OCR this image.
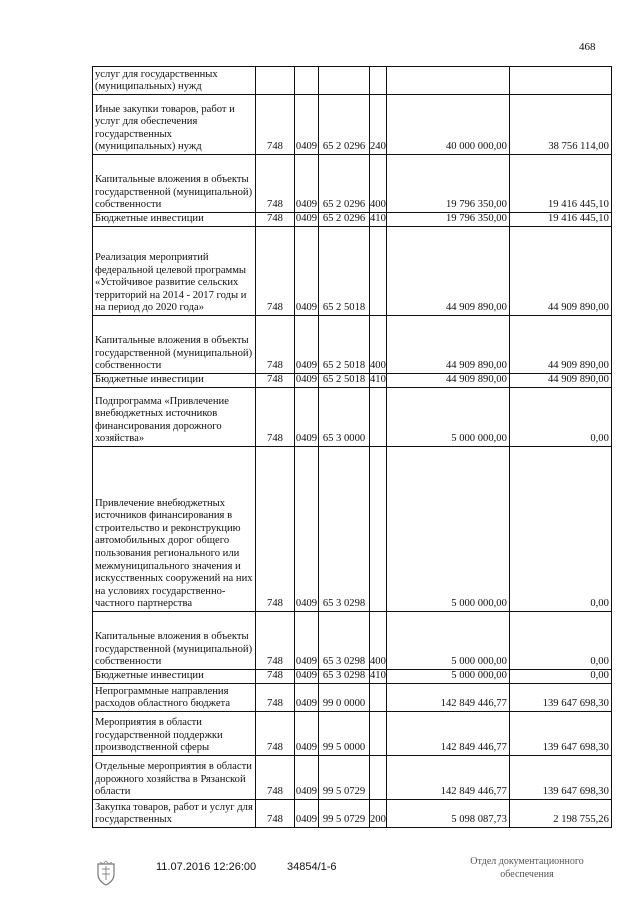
468
услуг для государственных (муниципальных) нужд						
Иные закупки товаров, работ и услуг для обеспечения государственных (муниципальных) нужд	748	0409	65 2 0296	240	40 000 000,00	38 756 114,00
Капитальные вложения в объекты государственной (муниципальной) собственности	748	0409	65 2 0296	400	19 796 350,00	19 416 445,10
Бюджетные инвестиции	748	0409	65 2 0296	410	19 796 350,00	19 416 445,10
Реализация мероприятий федеральной целевой программы «Устойчивое развитие сельских территорий на 2014 - 2017 годы и на период до 2020 года»	748	0409	65 2 5018		44 909 890,00	44 909 890,00
Капитальные вложения в объекты государственной (муниципальной) собственности	748	0409	65 2 5018	400	44 909 890,00	44 909 890,00
Бюджетные инвестиции	748	0409	65 2 5018	410	44 909 890,00	44 909 890,00
Подпрограмма «Привлечение внебюджетных источников финансирования дорожного хозяйства»	748	0409	65 3 0000		5 000 000,00	0,00
Привлечение внебюджетных источников финансирования в строительство и реконструкцию автомобильных дорог общего пользования регионального или межмуниципального значения и искусственных сооружений на них на условиях государственно-частного партнерства	748	0409	65 3 0298		5 000 000,00	0,00
Капитальные вложения в объекты государственной (муниципальной) собственности	748	0409	65 3 0298	400	5 000 000,00	0,00
Бюджетные инвестиции	748	0409	65 3 0298	410	5 000 000,00	0,00
Непрограммные направления расходов областного бюджета	748	0409	99 0 0000		142 849 446,77	139 647 698,30
Мероприятия в области государственной поддержки производственной сферы	748	0409	99 5 0000		142 849 446,77	139 647 698,30
Отдельные мероприятия в области дорожного хозяйства в Рязанской области	748	0409	99 5 0729		142 849 446,77	139 647 698,30
Закупка товаров, работ и услуг для государственных	748	0409	99 5 0729	200	5 098 087,73	2 198 755,26
11.07.2016 12:26:00	34854/1-6	Отдел документационного
обеспечения
